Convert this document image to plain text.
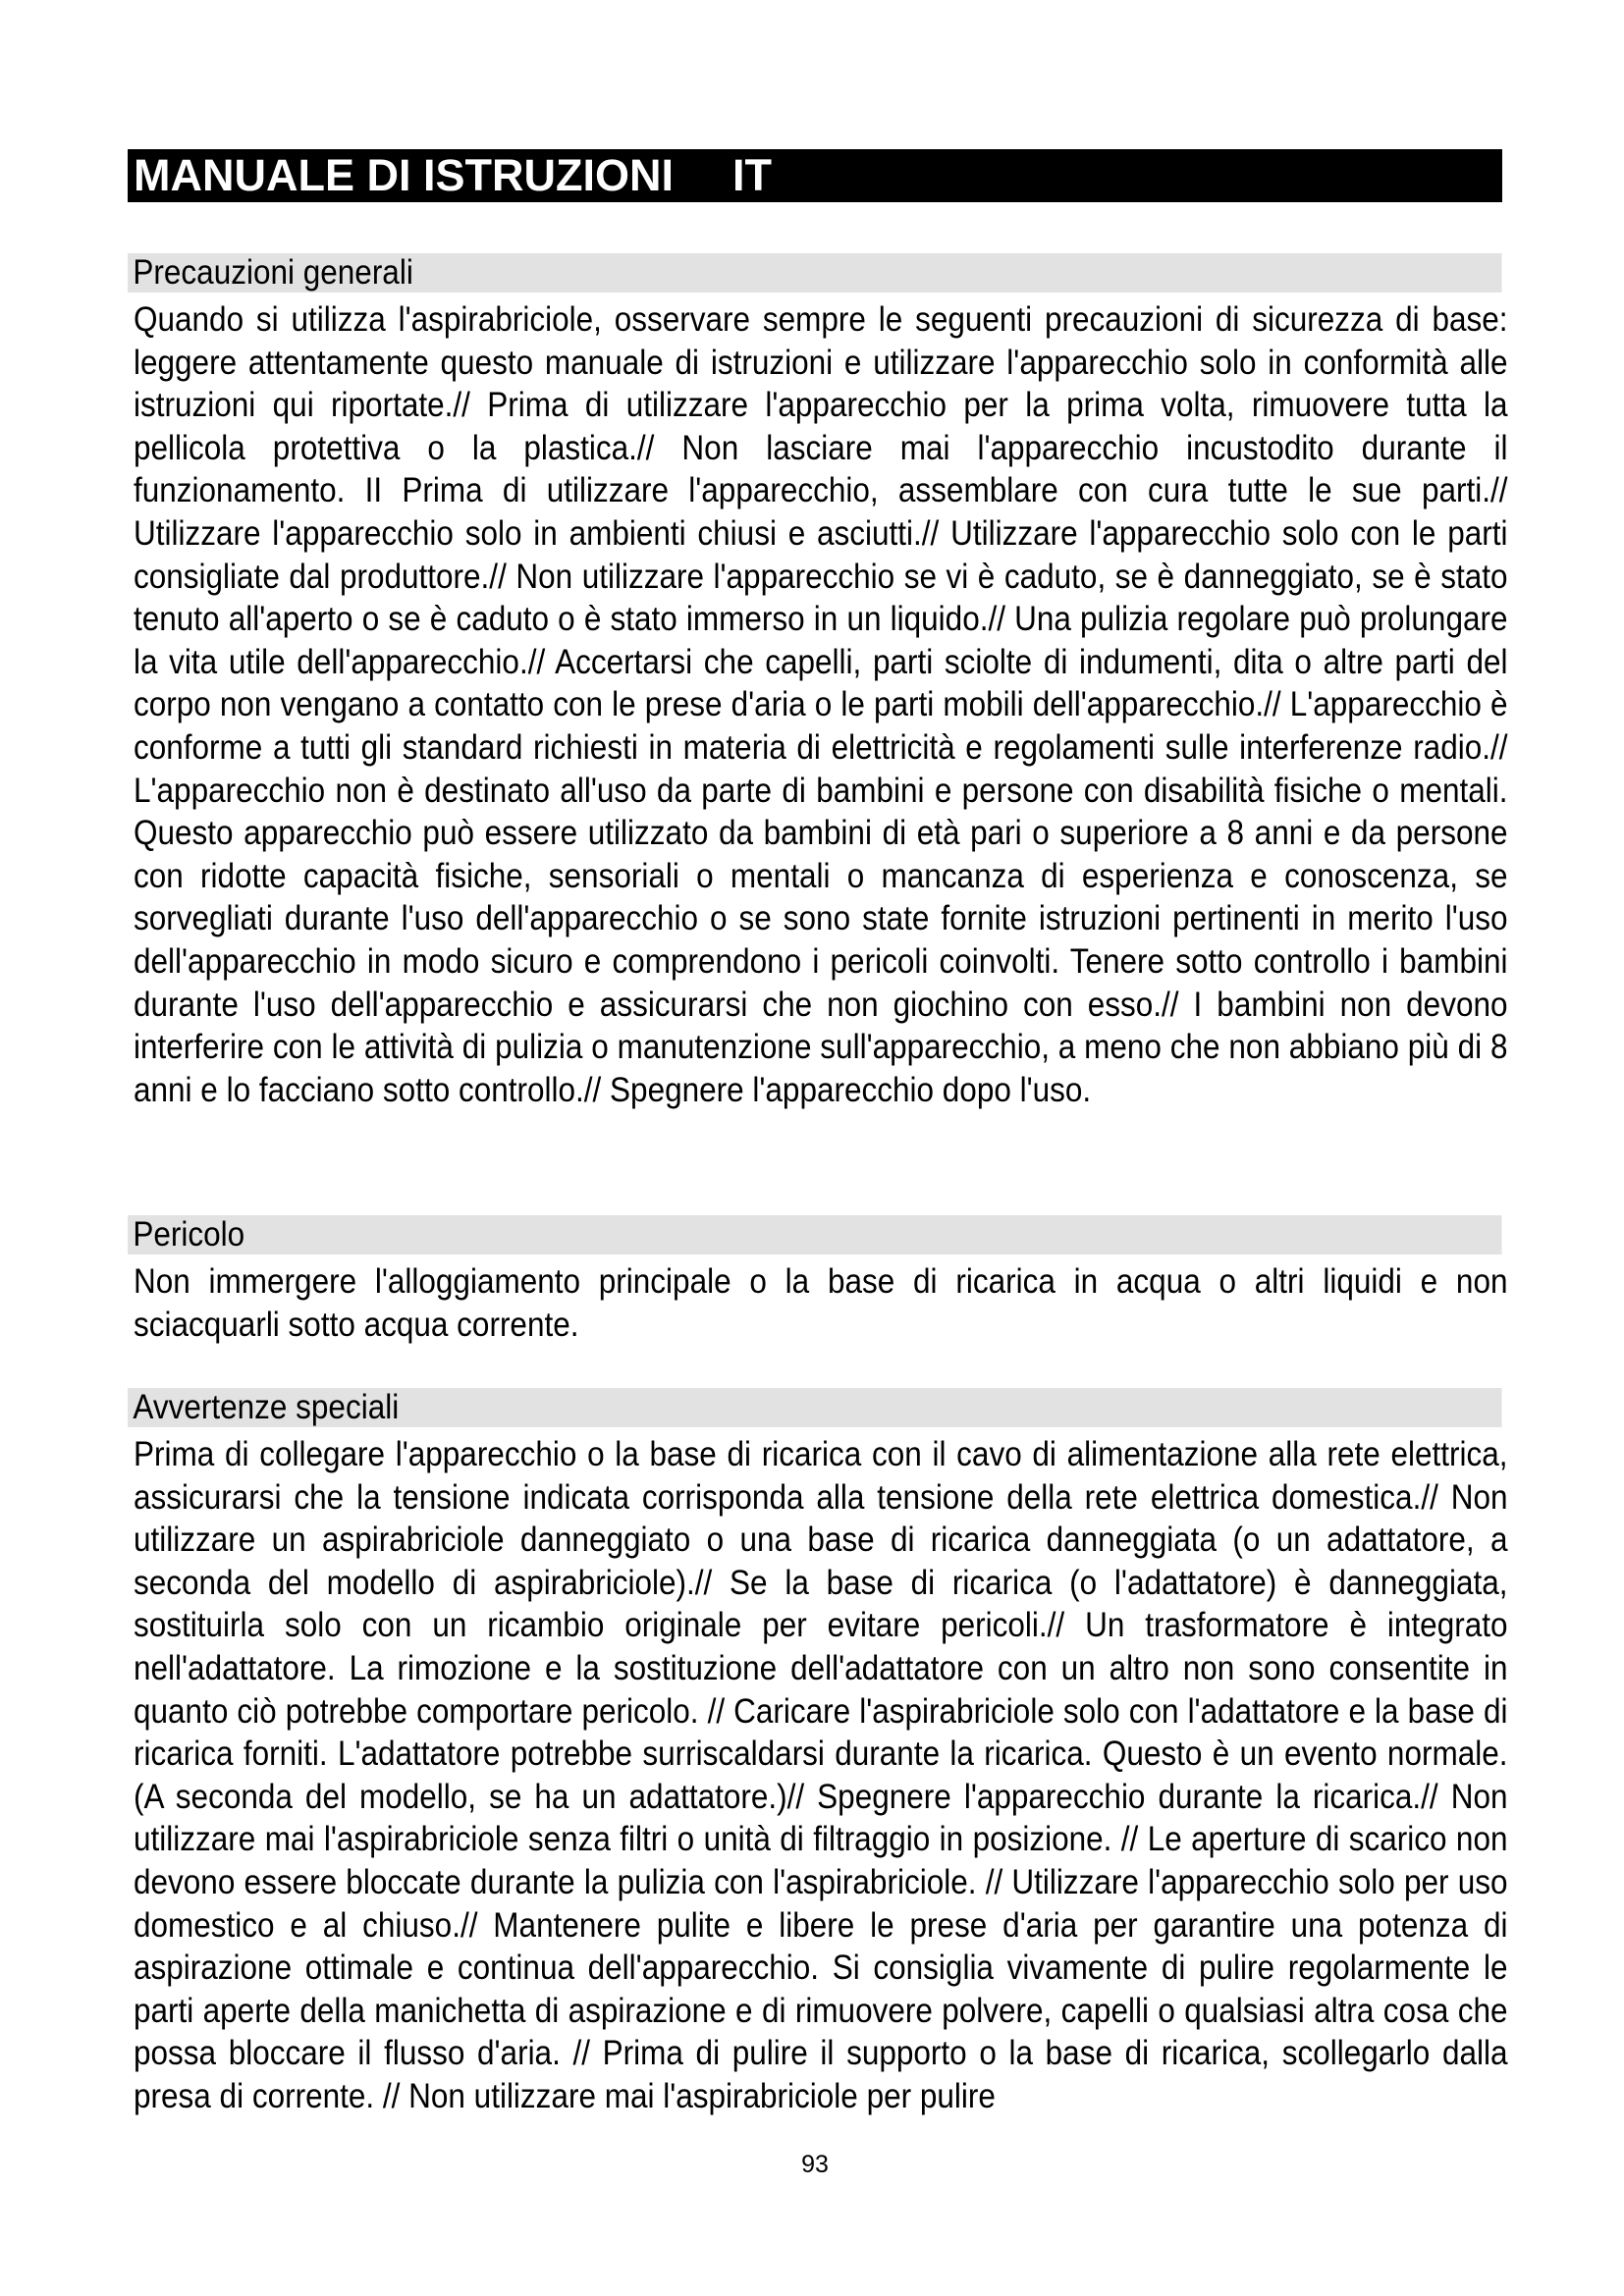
MANUALE DI ISTRUZIONI IT
Precauzioni generali
Quando si utilizza l'aspirabriciole, osservare sempre le seguenti precauzioni di sicurezza di base: leggere attentamente questo manuale di istruzioni e utilizzare l'apparecchio solo in conformità alle istruzioni qui riportate.// Prima di utilizzare l'apparecchio per la prima volta, rimuovere tutta la pellicola protettiva o la plastica.// Non lasciare mai l'apparecchio incustodito durante il funzionamento. II Prima di utilizzare l'apparecchio, assemblare con cura tutte le sue parti.// Utilizzare l'apparecchio solo in ambienti chiusi e asciutti.// Utilizzare l'apparecchio solo con le parti consigliate dal produttore.// Non utilizzare l'apparecchio se vi è caduto, se è danneggiato, se è stato tenuto all'aperto o se è caduto o è stato immerso in un liquido.// Una pulizia regolare può prolungare la vita utile dell'apparecchio.// Accertarsi che capelli, parti sciolte di indumenti, dita o altre parti del corpo non vengano a contatto con le prese d'aria o le parti mobili dell'apparecchio.// L'apparecchio è conforme a tutti gli standard richiesti in materia di elettricità e regolamenti sulle interferenze radio.// L'apparecchio non è destinato all'uso da parte di bambini e persone con disabilità fisiche o mentali. Questo apparecchio può essere utilizzato da bambini di età pari o superiore a 8 anni e da persone con ridotte capacità fisiche, sensoriali o mentali o mancanza di esperienza e conoscenza, se sorvegliati durante l'uso dell'apparecchio o se sono state fornite istruzioni pertinenti in merito l'uso dell'apparecchio in modo sicuro e comprendono i pericoli coinvolti. Tenere sotto controllo i bambini durante l'uso dell'apparecchio e assicurarsi che non giochino con esso.// I bambini non devono interferire con le attività di pulizia o manutenzione sull'apparecchio, a meno che non abbiano più di 8 anni e lo facciano sotto controllo.// Spegnere l'apparecchio dopo l'uso.
Pericolo
Non immergere l'alloggiamento principale o la base di ricarica in acqua o altri liquidi e non sciacquarli sotto acqua corrente.
Avvertenze speciali
Prima di collegare l'apparecchio o la base di ricarica con il cavo di alimentazione alla rete elettrica, assicurarsi che la tensione indicata corrisponda alla tensione della rete elettrica domestica.// Non utilizzare un aspirabriciole danneggiato o una base di ricarica danneggiata (o un adattatore, a seconda del modello di aspirabriciole).// Se la base di ricarica (o l'adattatore) è danneggiata, sostituirla solo con un ricambio originale per evitare pericoli.// Un trasformatore è integrato nell'adattatore. La rimozione e la sostituzione dell'adattatore con un altro non sono consentite in quanto ciò potrebbe comportare pericolo. // Caricare l'aspirabriciole solo con l'adattatore e la base di ricarica forniti. L'adattatore potrebbe surriscaldarsi durante la ricarica. Questo è un evento normale. (A seconda del modello, se ha un adattatore.)// Spegnere l'apparecchio durante la ricarica.// Non utilizzare mai l'aspirabriciole senza filtri o unità di filtraggio in posizione. // Le aperture di scarico non devono essere bloccate durante la pulizia con l'aspirabriciole. // Utilizzare l'apparecchio solo per uso domestico e al chiuso.// Mantenere pulite e libere le prese d'aria per garantire una potenza di aspirazione ottimale e continua dell'apparecchio. Si consiglia vivamente di pulire regolarmente le parti aperte della manichetta di aspirazione e di rimuovere polvere, capelli o qualsiasi altra cosa che possa bloccare il flusso d'aria. // Prima di pulire il supporto o la base di ricarica, scollegarlo dalla presa di corrente. // Non utilizzare mai l'aspirabriciole per pulire
93
